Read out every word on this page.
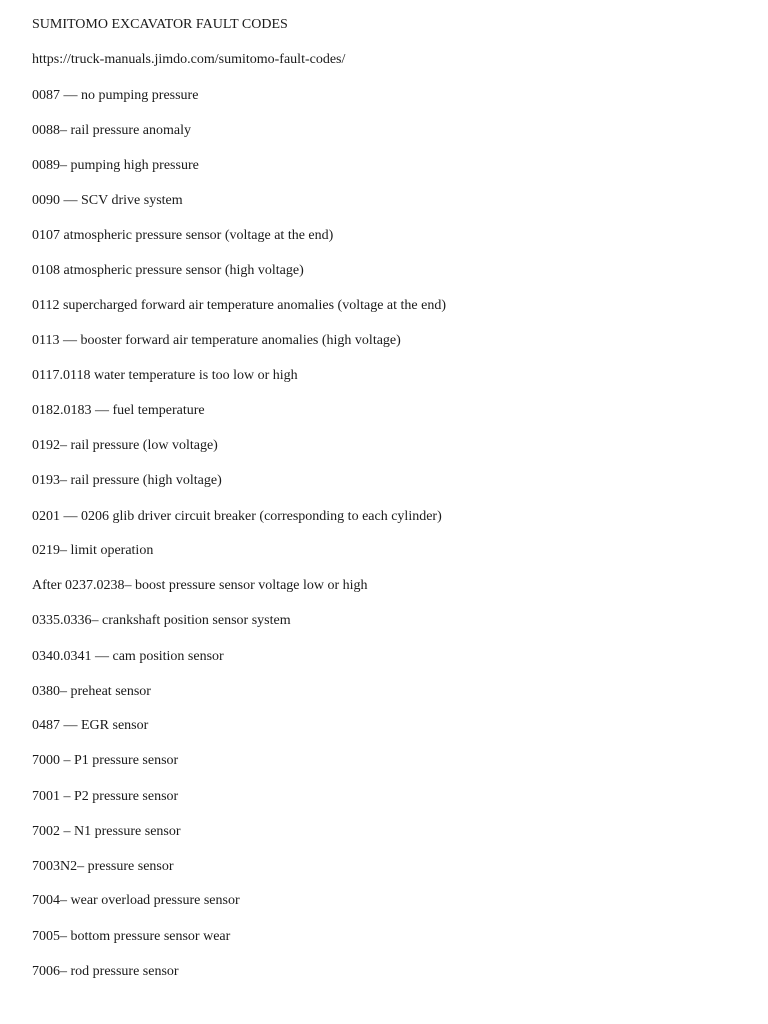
SUMITOMO EXCAVATOR FAULT CODES
https://truck-manuals.jimdo.com/sumitomo-fault-codes/
0087 — no pumping pressure
0088– rail pressure anomaly
0089– pumping high pressure
0090 — SCV drive system
0107 atmospheric pressure sensor (voltage at the end)
0108 atmospheric pressure sensor (high voltage)
0112 supercharged forward air temperature anomalies (voltage at the end)
0113 — booster forward air temperature anomalies (high voltage)
0117.0118 water temperature is too low or high
0182.0183 — fuel temperature
0192– rail pressure (low voltage)
0193– rail pressure (high voltage)
0201 — 0206 glib driver circuit breaker (corresponding to each cylinder)
0219– limit operation
After 0237.0238– boost pressure sensor voltage low or high
0335.0336– crankshaft position sensor system
0340.0341 — cam position sensor
0380– preheat sensor
0487 — EGR sensor
7000 – P1 pressure sensor
7001 – P2 pressure sensor
7002 – N1 pressure sensor
7003N2– pressure sensor
7004– wear overload pressure sensor
7005– bottom pressure sensor wear
7006– rod pressure sensor
